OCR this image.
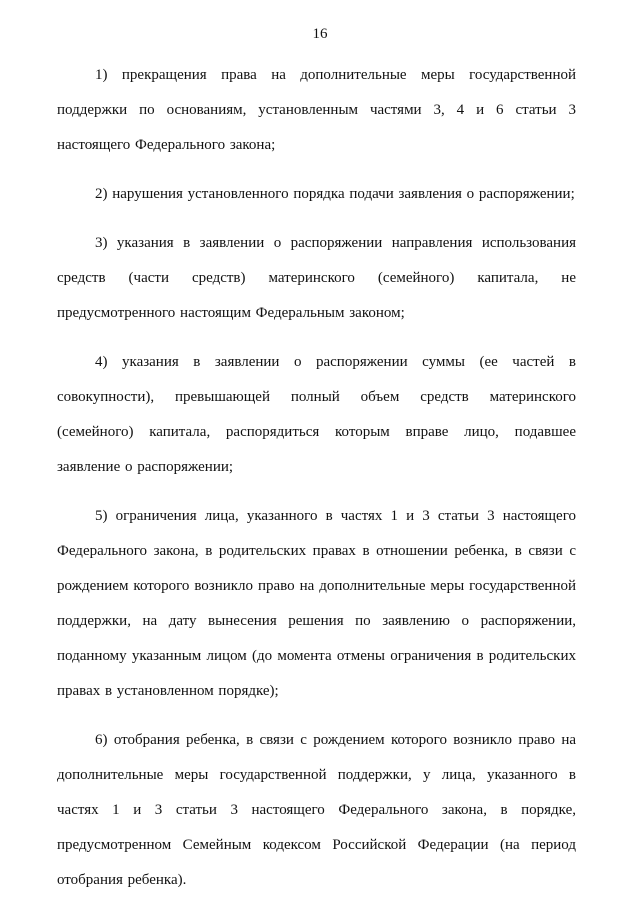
16

1) прекращения права на дополнительные меры государственной поддержки по основаниям, установленным частями 3, 4 и 6 статьи 3 настоящего Федерального закона;

2) нарушения установленного порядка подачи заявления о распоряжении;

3) указания в заявлении о распоряжении направления использования средств (части средств) материнского (семейного) капитала, не предусмотренного настоящим Федеральным законом;

4) указания в заявлении о распоряжении суммы (ее частей в совокупности), превышающей полный объем средств материнского (семейного) капитала, распорядиться которым вправе лицо, подавшее заявление о распоряжении;

5) ограничения лица, указанного в частях 1 и 3 статьи 3 настоящего Федерального закона, в родительских правах в отношении ребенка, в связи с рождением которого возникло право на дополнительные меры государственной поддержки, на дату вынесения решения по заявлению о распоряжении, поданному указанным лицом (до момента отмены ограничения в родительских правах в установленном порядке);

6) отобрания ребенка, в связи с рождением которого возникло право на дополнительные меры государственной поддержки, у лица, указанного в частях 1 и 3 статьи 3 настоящего Федерального закона, в порядке, предусмотренном Семейным кодексом Российской Федерации (на период отобрания ребенка).
